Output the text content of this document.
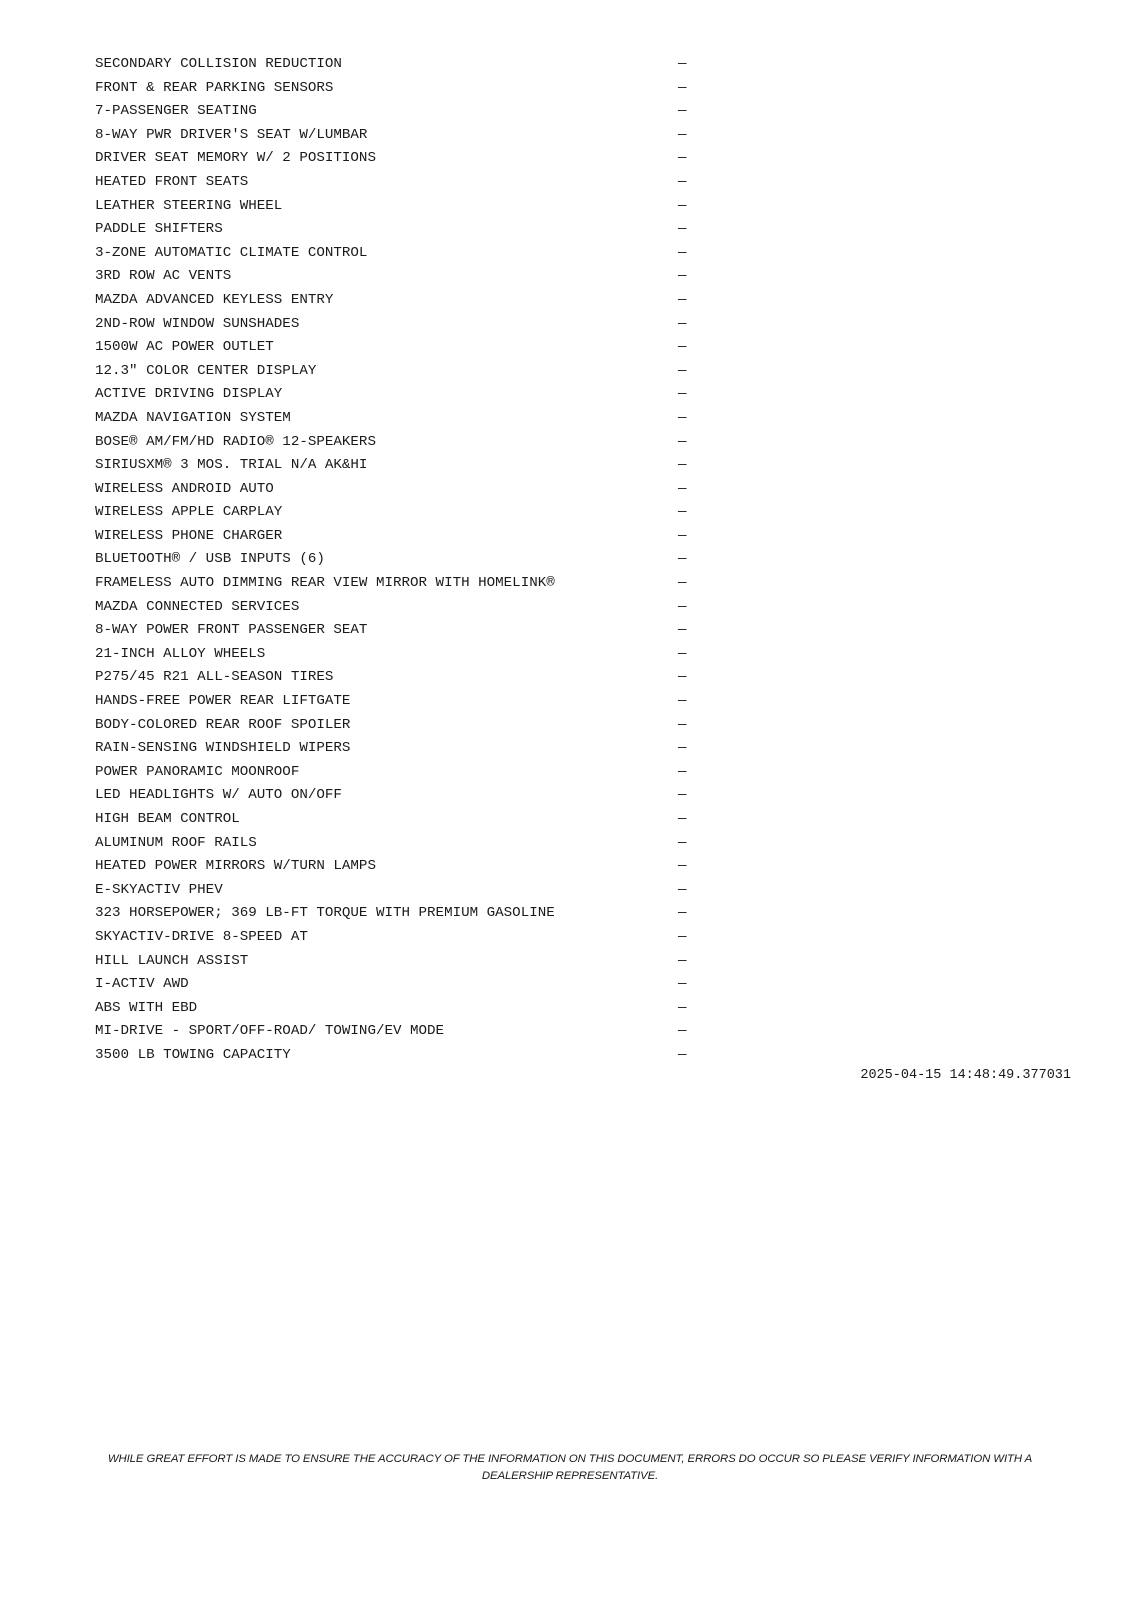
SECONDARY COLLISION REDUCTION	—
FRONT & REAR PARKING SENSORS	—
7-PASSENGER SEATING	—
8-WAY PWR DRIVER'S SEAT W/LUMBAR	—
DRIVER SEAT MEMORY W/ 2 POSITIONS	—
HEATED FRONT SEATS	—
LEATHER STEERING WHEEL	—
PADDLE SHIFTERS	—
3-ZONE AUTOMATIC CLIMATE CONTROL	—
3RD ROW AC VENTS	—
MAZDA ADVANCED KEYLESS ENTRY	—
2ND-ROW WINDOW SUNSHADES	—
1500W AC POWER OUTLET	—
12.3" COLOR CENTER DISPLAY	—
ACTIVE DRIVING DISPLAY	—
MAZDA NAVIGATION SYSTEM	—
BOSE® AM/FM/HD RADIO® 12-SPEAKERS	—
SIRIUSXM® 3 MOS. TRIAL N/A AK&HI	—
WIRELESS ANDROID AUTO	—
WIRELESS APPLE CARPLAY	—
WIRELESS PHONE CHARGER	—
BLUETOOTH® / USB INPUTS (6)	—
FRAMELESS AUTO DIMMING REAR VIEW MIRROR WITH HOMELINK®	—
MAZDA CONNECTED SERVICES	—
8-WAY POWER FRONT PASSENGER SEAT	—
21-INCH ALLOY WHEELS	—
P275/45 R21 ALL-SEASON TIRES	—
HANDS-FREE POWER REAR LIFTGATE	—
BODY-COLORED REAR ROOF SPOILER	—
RAIN-SENSING WINDSHIELD WIPERS	—
POWER PANORAMIC MOONROOF	—
LED HEADLIGHTS W/ AUTO ON/OFF	—
HIGH BEAM CONTROL	—
ALUMINUM ROOF RAILS	—
HEATED POWER MIRRORS W/TURN LAMPS	—
E-SKYACTIV PHEV	—
323 HORSEPOWER; 369 LB-FT TORQUE WITH PREMIUM GASOLINE	—
SKYACTIV-DRIVE 8-SPEED AT	—
HILL LAUNCH ASSIST	—
I-ACTIV AWD	—
ABS WITH EBD	—
MI-DRIVE - SPORT/OFF-ROAD/ TOWING/EV MODE	—
3500 LB TOWING CAPACITY	—
2025-04-15 14:48:49.377031
WHILE GREAT EFFORT IS MADE TO ENSURE THE ACCURACY OF THE INFORMATION ON THIS DOCUMENT, ERRORS DO OCCUR SO PLEASE VERIFY INFORMATION WITH A DEALERSHIP REPRESENTATIVE.
